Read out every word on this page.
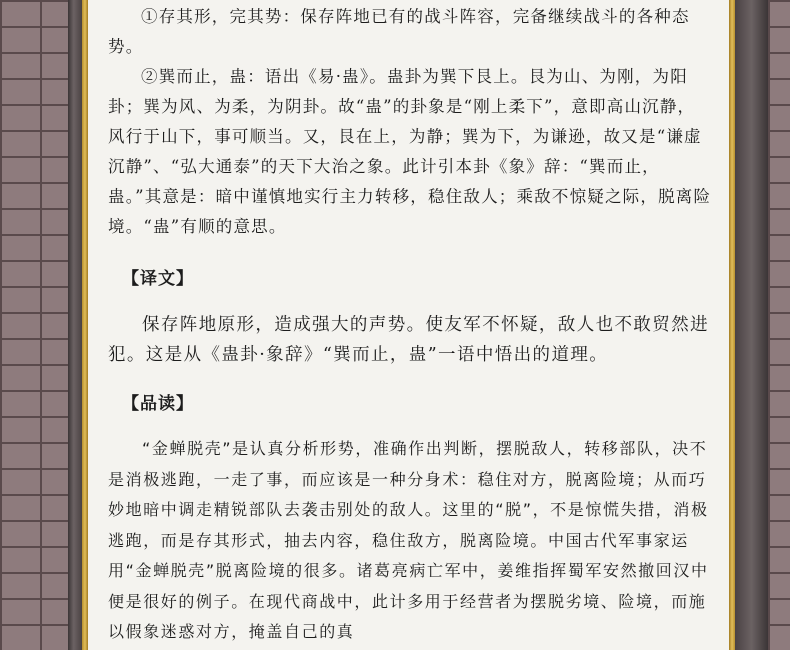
①存其形，完其势：保存阵地已有的战斗阵容，完备继续战斗的各种态势。

②巽而止，蛊：语出《易·蛊》。蛊卦为巽下艮上。艮为山、为刚，为阳卦；巽为风、为柔，为阴卦。故“蛊”的卦象是“刚上柔下”，意即高山沉静，风行于山下，事可顺当。又，艮在上，为静；巽为下，为谦逊，故又是“谦虚沉静”、“弘大通泰”的天下大治之象。此计引本卦《象》辞：“巽而止，蛊。”其意是：暗中谨慎地实行主力转移，稳住敌人；乘敌不惊疑之际，脱离险境。“蛊”有顺的意思。

【译文】

保存阵地原形，造成强大的声势。使友军不怀疑，敌人也不敢贸然进犯。这是从《蛊卦·象辞》“巽而止，蛊”一语中悟出的道理。

【品读】

“金蝉脱壳”是认真分析形势，准确作出判断，摆脱敌人，转移部队，决不是消极逃跑，一走了事，而应该是一种分身术：稳住对方，脱离险境；从而巧妙地暗中调走精锐部队去袭击别处的敌人。这里的“脱”，不是惊慌失措，消极逃跑，而是存其形式，抽去内容，稳住敌方，脱离险境。中国古代军事家运用“金蝉脱壳”脱离险境的很多。诸葛亮病亡军中，姜维指挥蜀军安然撤回汉中便是很好的例子。在现代商战中，此计多用于经营者为摆脱劣境、险境，而施以假象迷惑对方，掩盖自己的真
